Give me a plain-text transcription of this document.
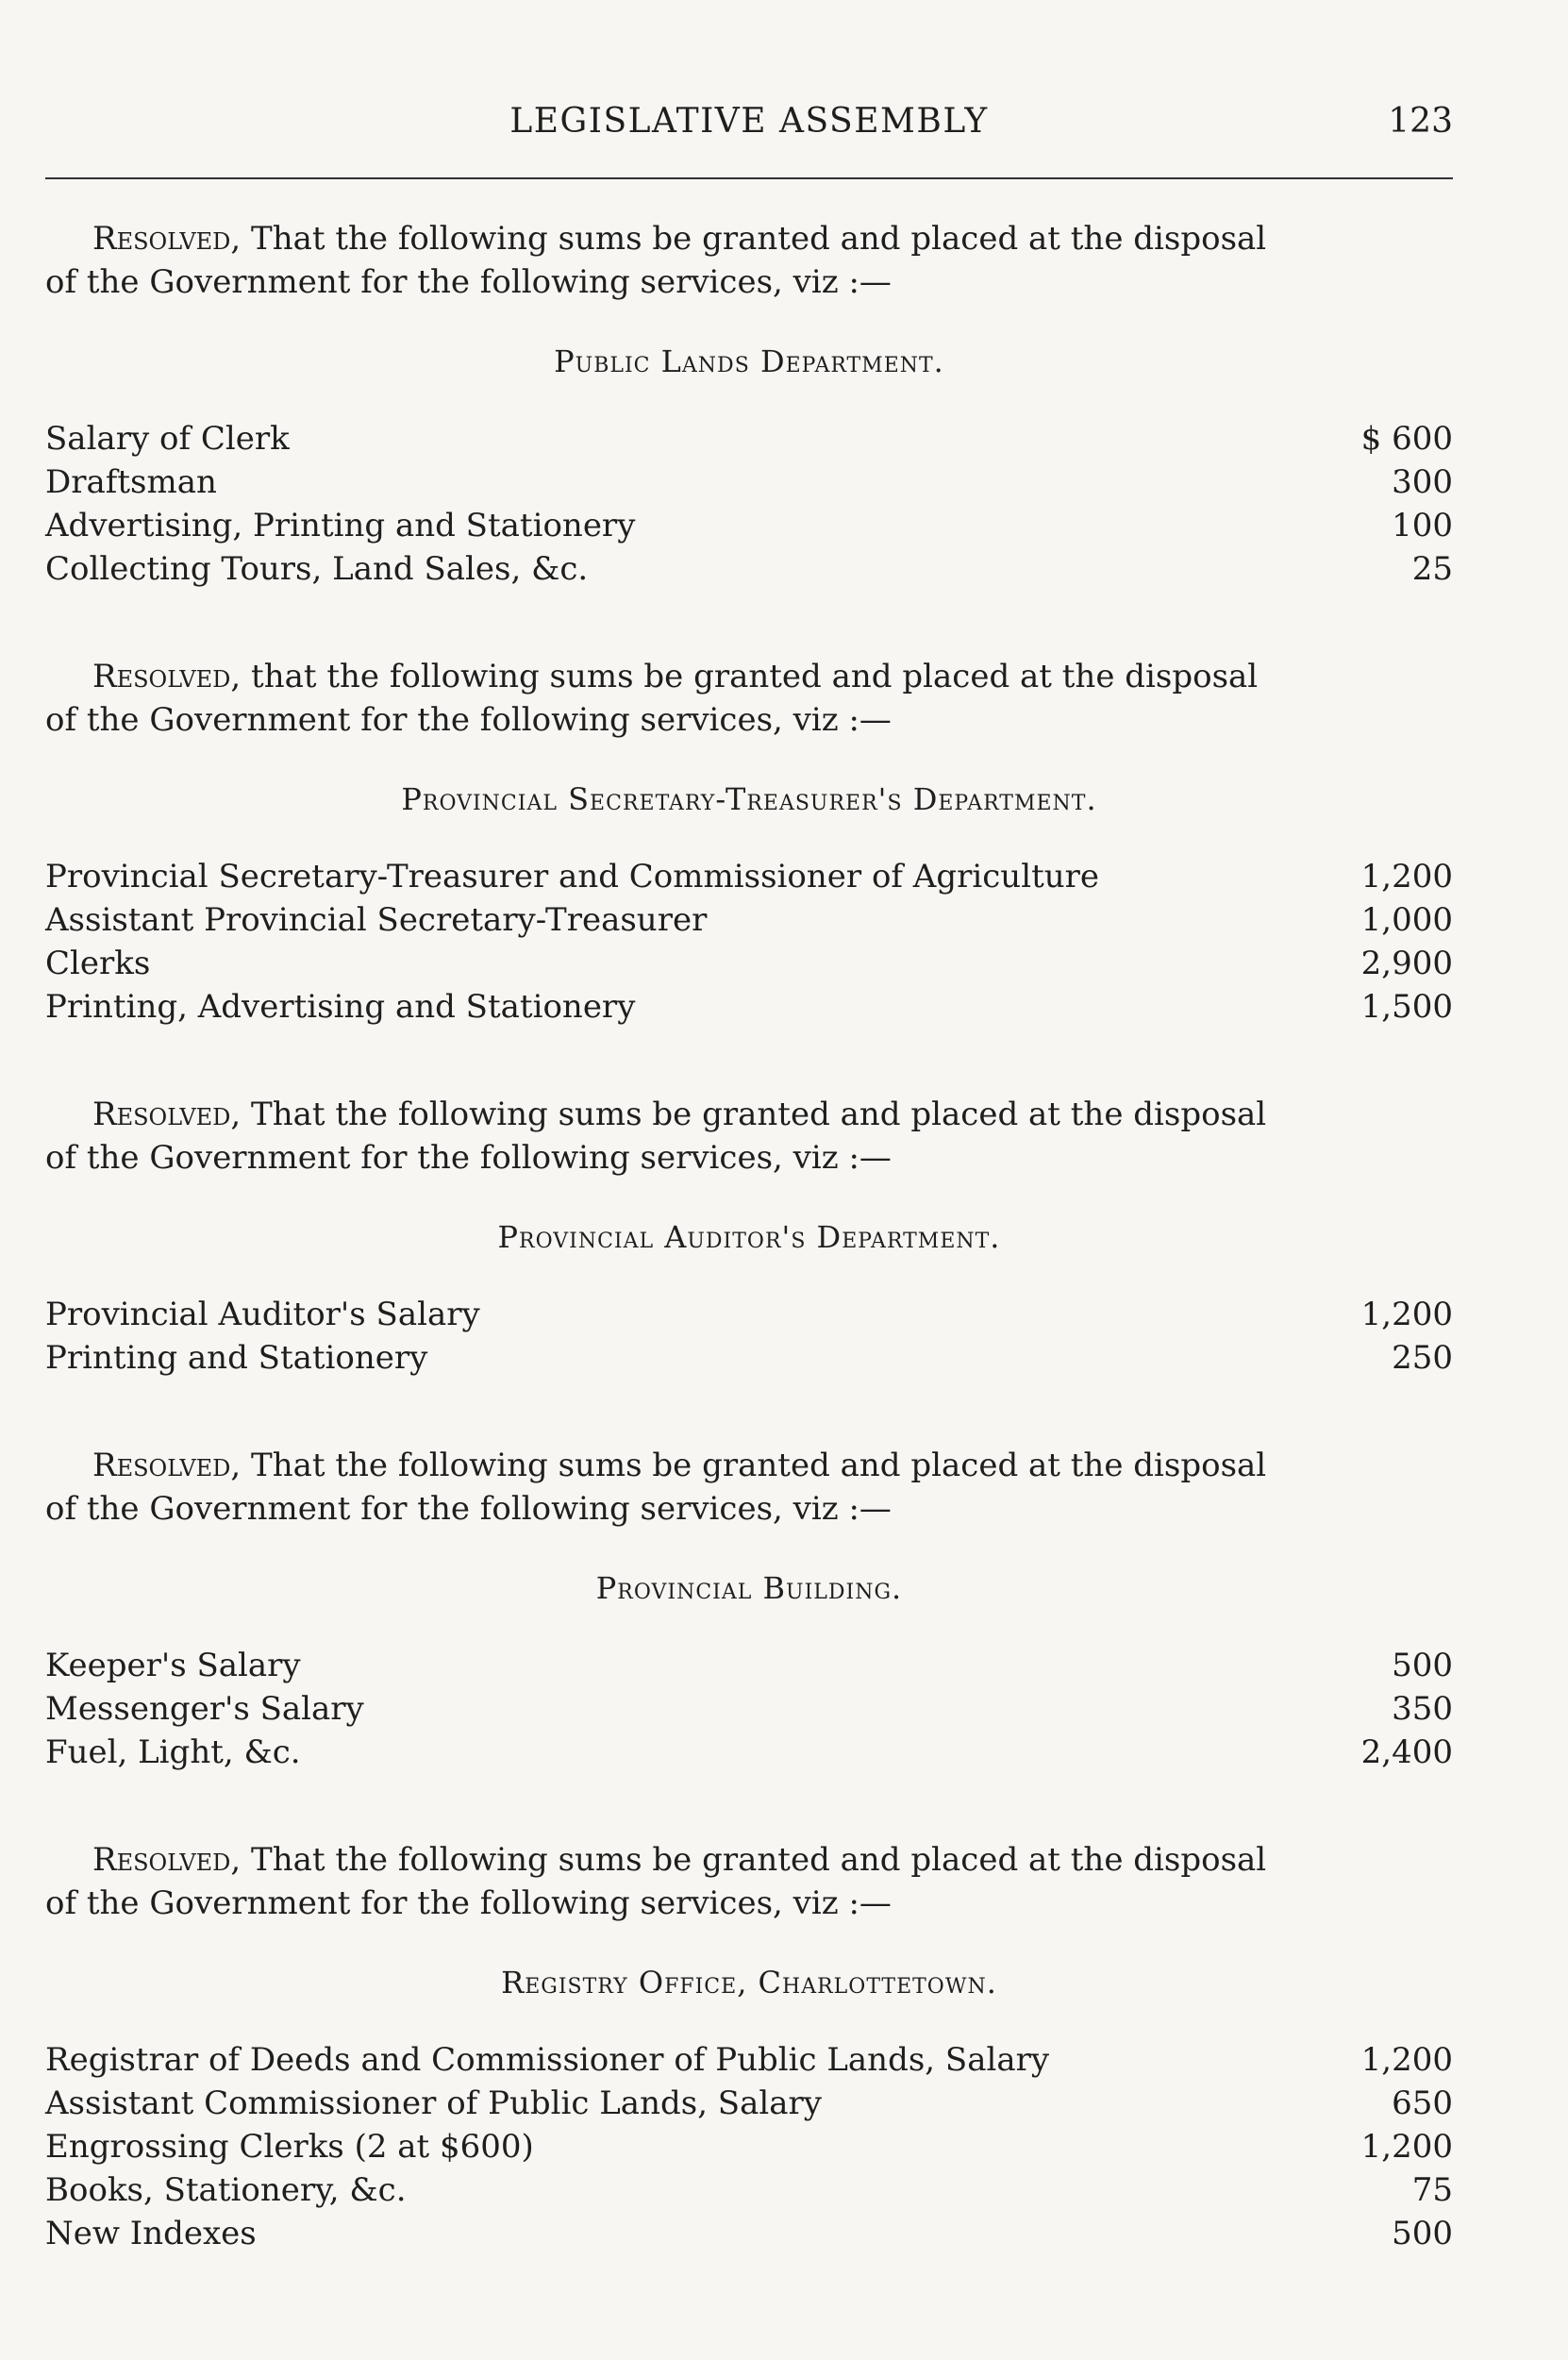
LEGISLATIVE ASSEMBLY	123

Resolved, That the following sums be granted and placed at the disposal of the Government for the following services, viz :—

Public Lands Department.
Salary of Clerk	$ 600
Draftsman	300
Advertising, Printing and Stationery	100
Collecting Tours, Land Sales, &c.	25

Resolved, that the following sums be granted and placed at the disposal of the Government for the following services, viz :—

Provincial Secretary-Treasurer's Department.
Provincial Secretary-Treasurer and Commissioner of Agriculture	1,200
Assistant Provincial Secretary-Treasurer	1,000
Clerks	2,900
Printing, Advertising and Stationery	1,500

Resolved, That the following sums be granted and placed at the disposal of the Government for the following services, viz :—

Provincial Auditor's Department.
Provincial Auditor's Salary	1,200
Printing and Stationery	250

Resolved, That the following sums be granted and placed at the disposal of the Government for the following services, viz :—

Provincial Building.
Keeper's Salary	500
Messenger's Salary	350
Fuel, Light, &c.	2,400

Resolved, That the following sums be granted and placed at the disposal of the Government for the following services, viz :—

Registry Office, Charlottetown.
Registrar of Deeds and Commissioner of Public Lands, Salary	1,200
Assistant Commissioner of Public Lands, Salary	650
Engrossing Clerks (2 at $600)	1,200
Books, Stationery, &c.	75
New Indexes	500
